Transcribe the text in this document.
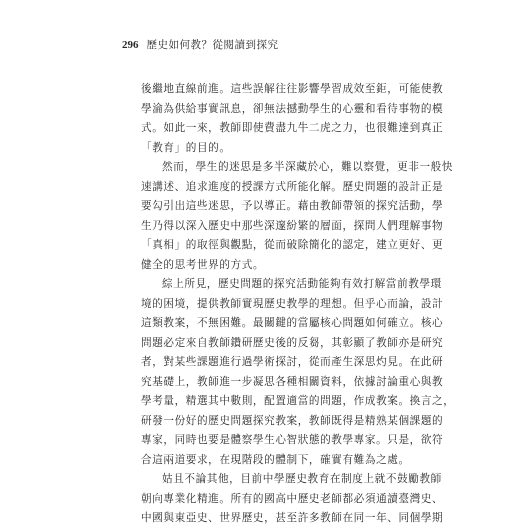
296 歷史如何教？從閱讀到探究
後繼地直線前進。這些誤解往往影響學習成效至鉅，可能使教
學淪為供給事實訊息，卻無法撼動學生的心靈和看待事物的模
式。如此一來，教師即使費盡九牛二虎之力，也很難達到真正
「教育」的目的。
然而，學生的迷思是多半深藏於心，難以察覺，更非一般快
速講述、追求進度的授課方式所能化解。歷史問題的設計正是
要勾引出這些迷思，予以導正。藉由教師帶領的探究活動，學
生乃得以深入歷史中那些深邃紛繁的層面，探問人們理解事物
「真相」的取徑與觀點，從而破除簡化的認定，建立更好、更
健全的思考世界的方式。
綜上所見，歷史問題的探究活動能夠有效打解當前教學環
境的困境，提供教師實現歷史教學的理想。但乎心而論，設計
這類教案，不無困難。最關鍵的當屬核心問題如何確立。核心
問題必定來自教師鑽研歷史後的反芻，其彰顯了教師亦是研究
者，對某些課題進行過學術探討，從而產生深思灼見。在此研
究基礎上，教師進一步凝思各種相關資料，依據討論重心與教
學考量，精選其中數則，配置適當的問題，作成教案。換言之，
研發一份好的歷史問題探究教案，教師既得是精熟某個課題的
專家，同時也要是體察學生心智狀態的教學專家。只是，欲符
合這兩道要求，在現階段的體制下，確實有難為之處。
姑且不論其他，目前中學歷史教育在制度上就不鼓勵教師
朝向專業化精進。所有的國高中歷史老師都必須通讀臺灣史、
中國與東亞史、世界歷史，甚至許多教師在同一年、同個學期
